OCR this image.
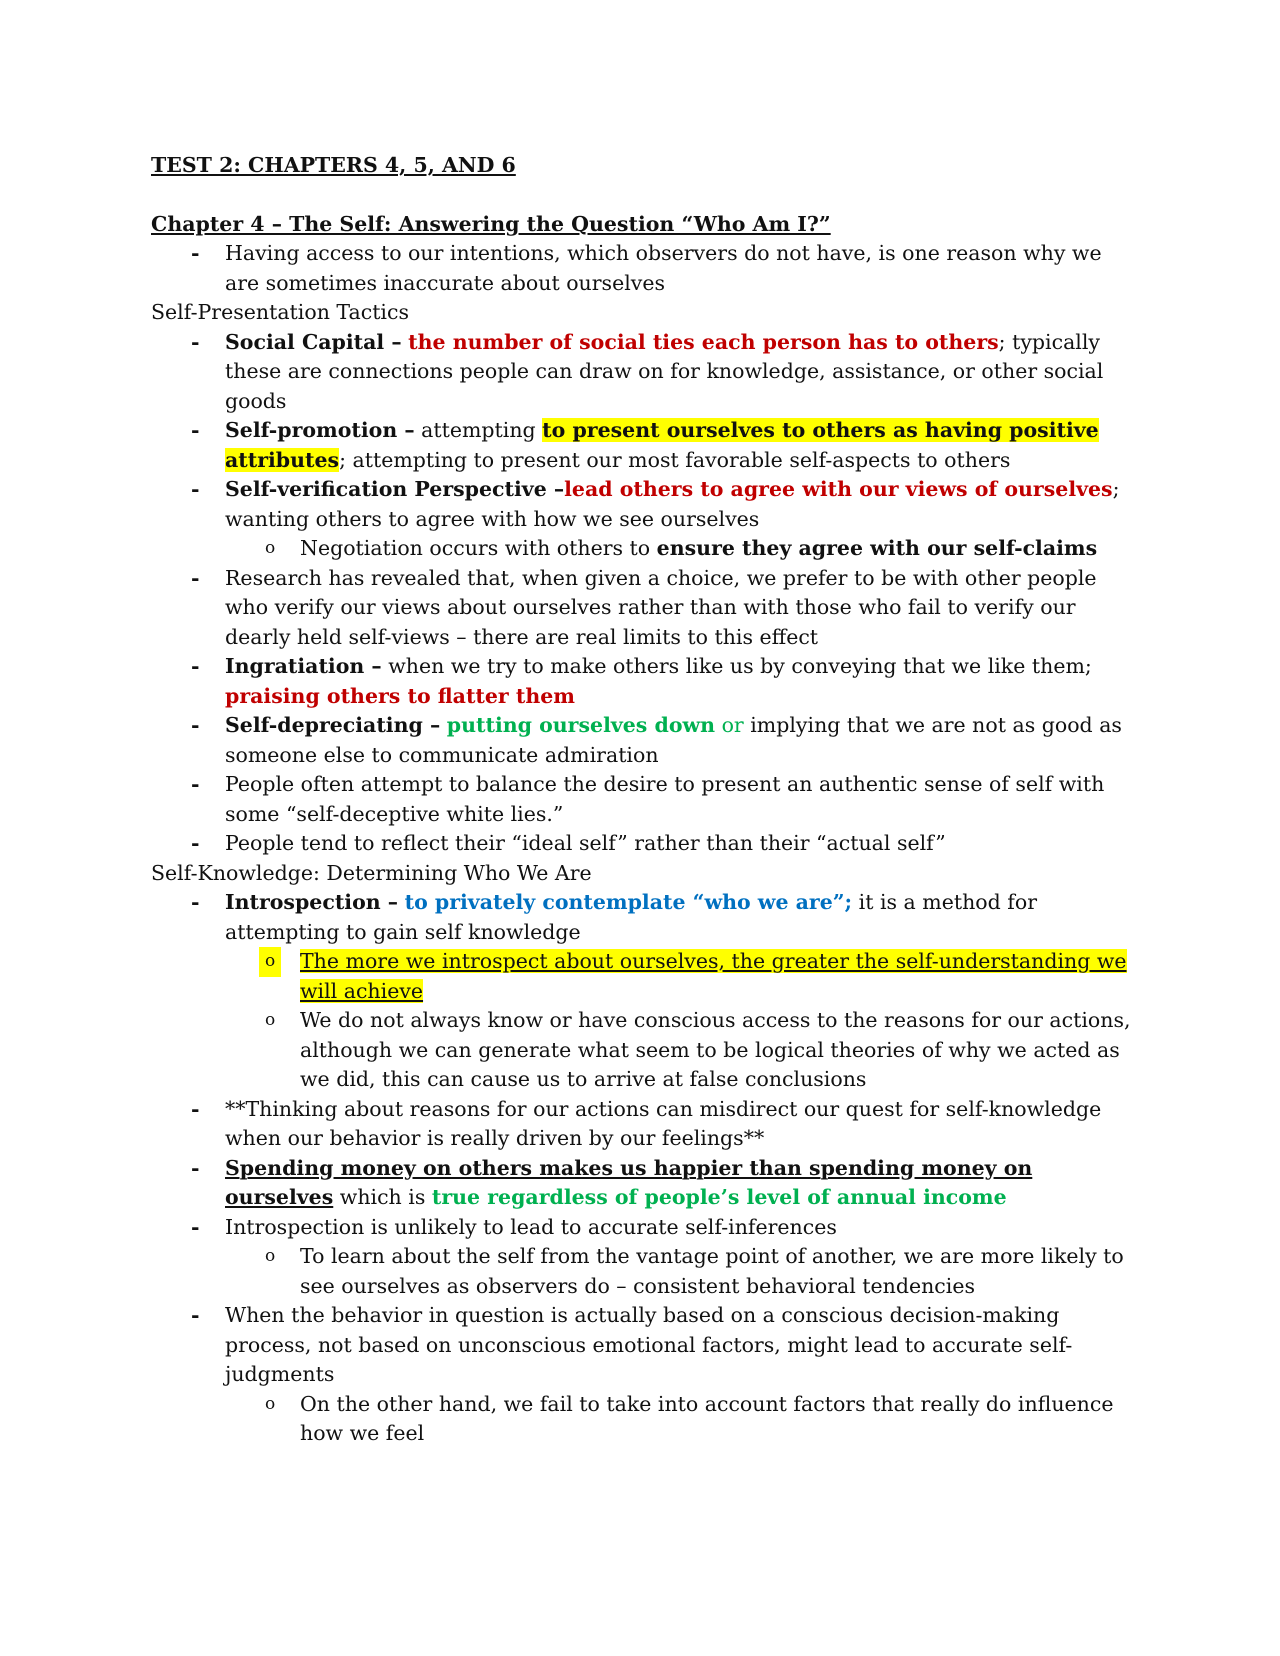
TEST 2: CHAPTERS 4, 5, AND 6
Chapter 4 – The Self: Answering the Question “Who Am I?”
- Having access to our intentions, which observers do not have, is one reason why we are sometimes inaccurate about ourselves
Self-Presentation Tactics
- Social Capital – the number of social ties each person has to others; typically these are connections people can draw on for knowledge, assistance, or other social goods
- Self-promotion – attempting to present ourselves to others as having positive attributes; attempting to present our most favorable self-aspects to others
- Self-verification Perspective –lead others to agree with our views of ourselves; wanting others to agree with how we see ourselves
o Negotiation occurs with others to ensure they agree with our self-claims
- Research has revealed that, when given a choice, we prefer to be with other people who verify our views about ourselves rather than with those who fail to verify our dearly held self-views – there are real limits to this effect
- Ingratiation – when we try to make others like us by conveying that we like them; praising others to flatter them
- Self-depreciating – putting ourselves down or implying that we are not as good as someone else to communicate admiration
- People often attempt to balance the desire to present an authentic sense of self with some “self-deceptive white lies.”
- People tend to reflect their “ideal self” rather than their “actual self”
Self-Knowledge: Determining Who We Are
- Introspection – to privately contemplate “who we are”; it is a method for attempting to gain self knowledge
o The more we introspect about ourselves, the greater the self-understanding we will achieve
o We do not always know or have conscious access to the reasons for our actions, although we can generate what seem to be logical theories of why we acted as we did, this can cause us to arrive at false conclusions
- **Thinking about reasons for our actions can misdirect our quest for self-knowledge when our behavior is really driven by our feelings**
- Spending money on others makes us happier than spending money on ourselves which is true regardless of people’s level of annual income
- Introspection is unlikely to lead to accurate self-inferences
o To learn about the self from the vantage point of another, we are more likely to see ourselves as observers do – consistent behavioral tendencies
- When the behavior in question is actually based on a conscious decision-making process, not based on unconscious emotional factors, might lead to accurate self-judgments
o On the other hand, we fail to take into account factors that really do influence how we feel
